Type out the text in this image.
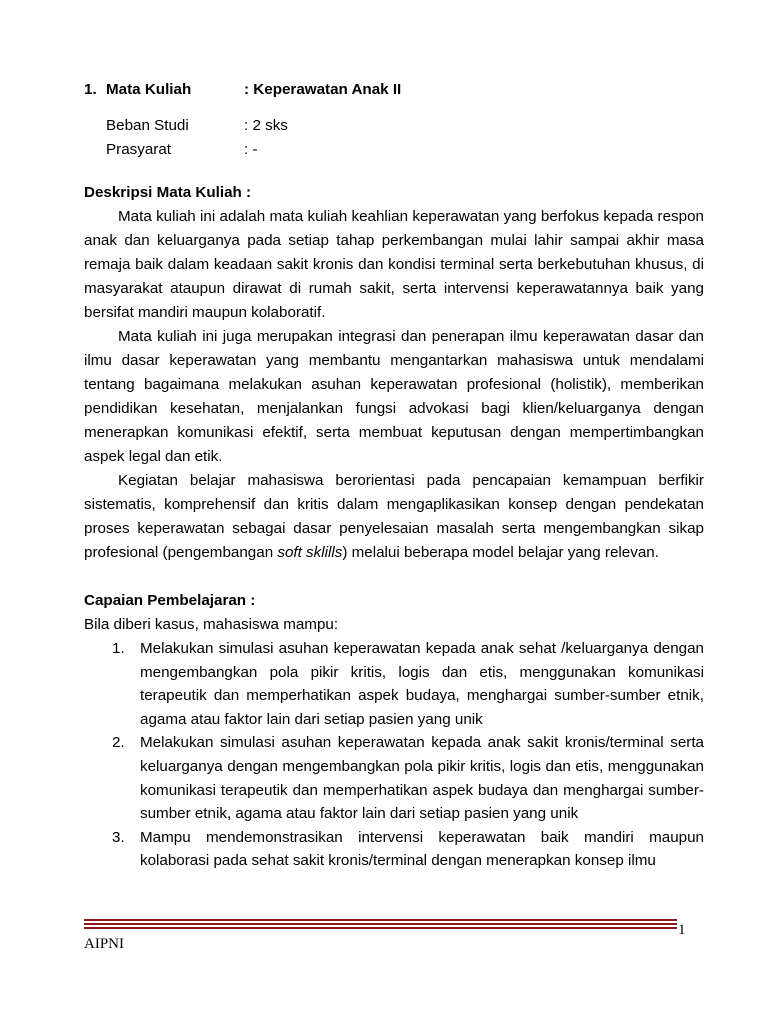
1. Mata Kuliah	: Keperawatan Anak II
Beban Studi	: 2 sks
Prasyarat	: -
Deskripsi Mata Kuliah :

Mata kuliah ini adalah mata kuliah keahlian keperawatan yang berfokus kepada respon anak dan keluarganya pada setiap tahap perkembangan mulai lahir sampai akhir masa remaja baik dalam keadaan sakit kronis dan kondisi terminal serta berkebutuhan khusus, di masyarakat ataupun dirawat di rumah sakit, serta intervensi keperawatannya baik yang bersifat mandiri maupun kolaboratif.

Mata kuliah ini juga merupakan integrasi dan penerapan ilmu keperawatan dasar dan ilmu dasar keperawatan yang membantu mengantarkan mahasiswa untuk mendalami tentang bagaimana melakukan asuhan keperawatan profesional (holistik), memberikan pendidikan kesehatan, menjalankan fungsi advokasi bagi klien/keluarganya dengan menerapkan komunikasi efektif, serta membuat keputusan dengan mempertimbangkan aspek legal dan etik.

Kegiatan belajar mahasiswa berorientasi pada pencapaian kemampuan berfikir sistematis, komprehensif dan kritis dalam mengaplikasikan konsep dengan pendekatan proses keperawatan sebagai dasar penyelesaian masalah serta mengembangkan sikap profesional (pengembangan soft sklills) melalui beberapa model belajar yang relevan.

Capaian Pembelajaran :
Bila diberi kasus, mahasiswa mampu:
1. Melakukan simulasi asuhan keperawatan kepada anak sehat /keluarganya dengan mengembangkan pola pikir kritis, logis dan etis, menggunakan komunikasi terapeutik dan memperhatikan aspek budaya, menghargai sumber-sumber etnik, agama atau faktor lain dari setiap pasien yang unik
2. Melakukan simulasi asuhan keperawatan kepada anak sakit kronis/terminal serta keluarganya dengan mengembangkan pola pikir kritis, logis dan etis, menggunakan komunikasi terapeutik dan memperhatikan aspek budaya dan menghargai sumber-sumber etnik, agama atau faktor lain dari setiap pasien yang unik
3. Mampu mendemonstrasikan intervensi keperawatan baik mandiri maupun kolaborasi pada sehat sakit kronis/terminal dengan menerapkan konsep ilmu
1
AIPNI
